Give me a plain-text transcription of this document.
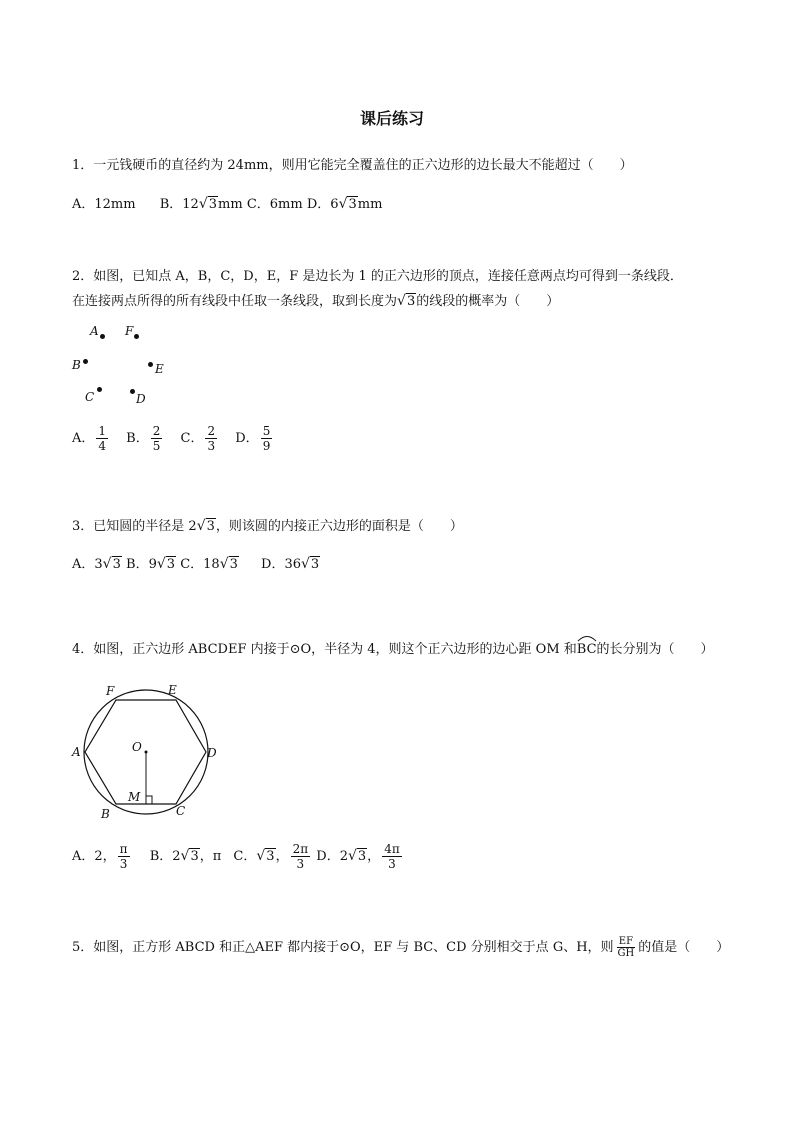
课后练习
1．一元钱硬币的直径约为 24mm，则用它能完全覆盖住的正六边形的边长最大不能超过（　　）
A．12mm B．12√3mm C．6mm D．6√3mm
2．如图，已知点 A，B，C，D，E，F 是边长为 1 的正六边形的顶点，连接任意两点均可得到一条线段．
在连接两点所得的所有线段中任取一条线段，取到长度为√3的线段的概率为（　　）
A F
B	E
C	D
A． $\frac{1}{4}$ B． $\frac{2}{5}$ C． $\frac{2}{3}$ D． $\frac{5}{9}$
3．已知圆的半径是 2√3，则该圆的内接正六边形的面积是（　　）
A．3√3 B．9√3 C．18√3 D．36√3
4．如图，正六边形 ABCDEF 内接于⊙O，半径为 4，则这个正六边形的边心距 OM 和
BC的长分别为（　　）
F	E
A	O	D
M
B	C
A．2， $\frac{\pi}{3}$ B．2√3，π C．√3， $\frac{2\pi}{3}$ D．2√3， $\frac{4\pi}{3}$
5．如图，正方形 ABCD 和正△AEF 都内接于⊙O，EF 与 BC、CD 分别相交于点 G、H，则 $\frac{EF}{GH}$ 的值是（　　）
